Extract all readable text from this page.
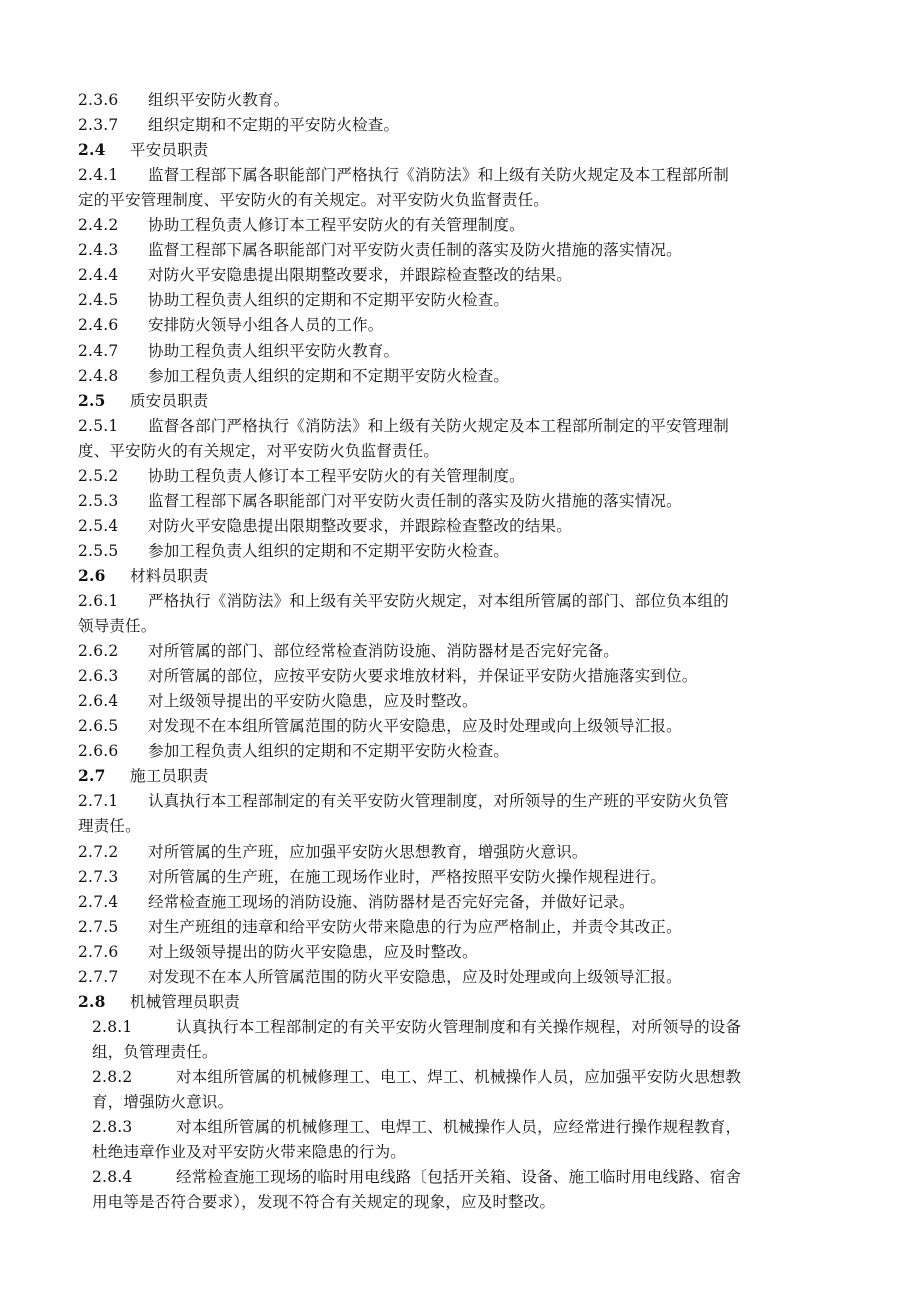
2.3.6 组织平安防火教育。
2.3.7 组织定期和不定期的平安防火检查。
2.4 平安员职责
2.4.1 监督工程部下属各职能部门严格执行《消防法》和上级有关防火规定及本工程部所制
定的平安管理制度、平安防火的有关规定。对平安防火负监督责任。
2.4.2 协助工程负责人修订本工程平安防火的有关管理制度。
2.4.3 监督工程部下属各职能部门对平安防火责任制的落实及防火措施的落实情况。
2.4.4 对防火平安隐患提出限期整改要求，并跟踪检查整改的结果。
2.4.5 协助工程负责人组织的定期和不定期平安防火检查。
2.4.6 安排防火领导小组各人员的工作。
2.4.7 协助工程负责人组织平安防火教育。
2.4.8 参加工程负责人组织的定期和不定期平安防火检查。
2.5 质安员职责
2.5.1 监督各部门严格执行《消防法》和上级有关防火规定及本工程部所制定的平安管理制
度、平安防火的有关规定，对平安防火负监督责任。
2.5.2 协助工程负责人修订本工程平安防火的有关管理制度。
2.5.3 监督工程部下属各职能部门对平安防火责任制的落实及防火措施的落实情况。
2.5.4 对防火平安隐患提出限期整改要求，并跟踪检查整改的结果。
2.5.5 参加工程负责人组织的定期和不定期平安防火检查。
2.6 材料员职责
2.6.1 严格执行《消防法》和上级有关平安防火规定，对本组所管属的部门、部位负本组的
领导责任。
2.6.2 对所管属的部门、部位经常检查消防设施、消防器材是否完好完备。
2.6.3 对所管属的部位，应按平安防火要求堆放材料，并保证平安防火措施落实到位。
2.6.4 对上级领导提出的平安防火隐患，应及时整改。
2.6.5 对发现不在本组所管属范围的防火平安隐患，应及时处理或向上级领导汇报。
2.6.6 参加工程负责人组织的定期和不定期平安防火检查。
2.7 施工员职责
2.7.1 认真执行本工程部制定的有关平安防火管理制度，对所领导的生产班的平安防火负管
理责任。
2.7.2 对所管属的生产班，应加强平安防火思想教育，增强防火意识。
2.7.3 对所管属的生产班，在施工现场作业时，严格按照平安防火操作规程进行。
2.7.4 经常检查施工现场的消防设施、消防器材是否完好完备，并做好记录。
2.7.5 对生产班组的违章和给平安防火带来隐患的行为应严格制止，并责令其改正。
2.7.6 对上级领导提出的防火平安隐患，应及时整改。
2.7.7 对发现不在本人所管属范围的防火平安隐患，应及时处理或向上级领导汇报。
2.8 机械管理员职责
2.8.1	认真执行本工程部制定的有关平安防火管理制度和有关操作规程，对所领导的设备
组，负管理责任。
2.8.2	对本组所管属的机械修理工、电工、焊工、机械操作人员，应加强平安防火思想教
育，增强防火意识。
2.8.3	对本组所管属的机械修理工、电焊工、机械操作人员，应经常进行操作规程教育，
杜绝违章作业及对平安防火带来隐患的行为。
2.8.4	经常检查施工现场的临时用电线路〔包括开关箱、设备、施工临时用电线路、宿舍
用电等是否符合要求），发现不符合有关规定的现象，应及时整改。
